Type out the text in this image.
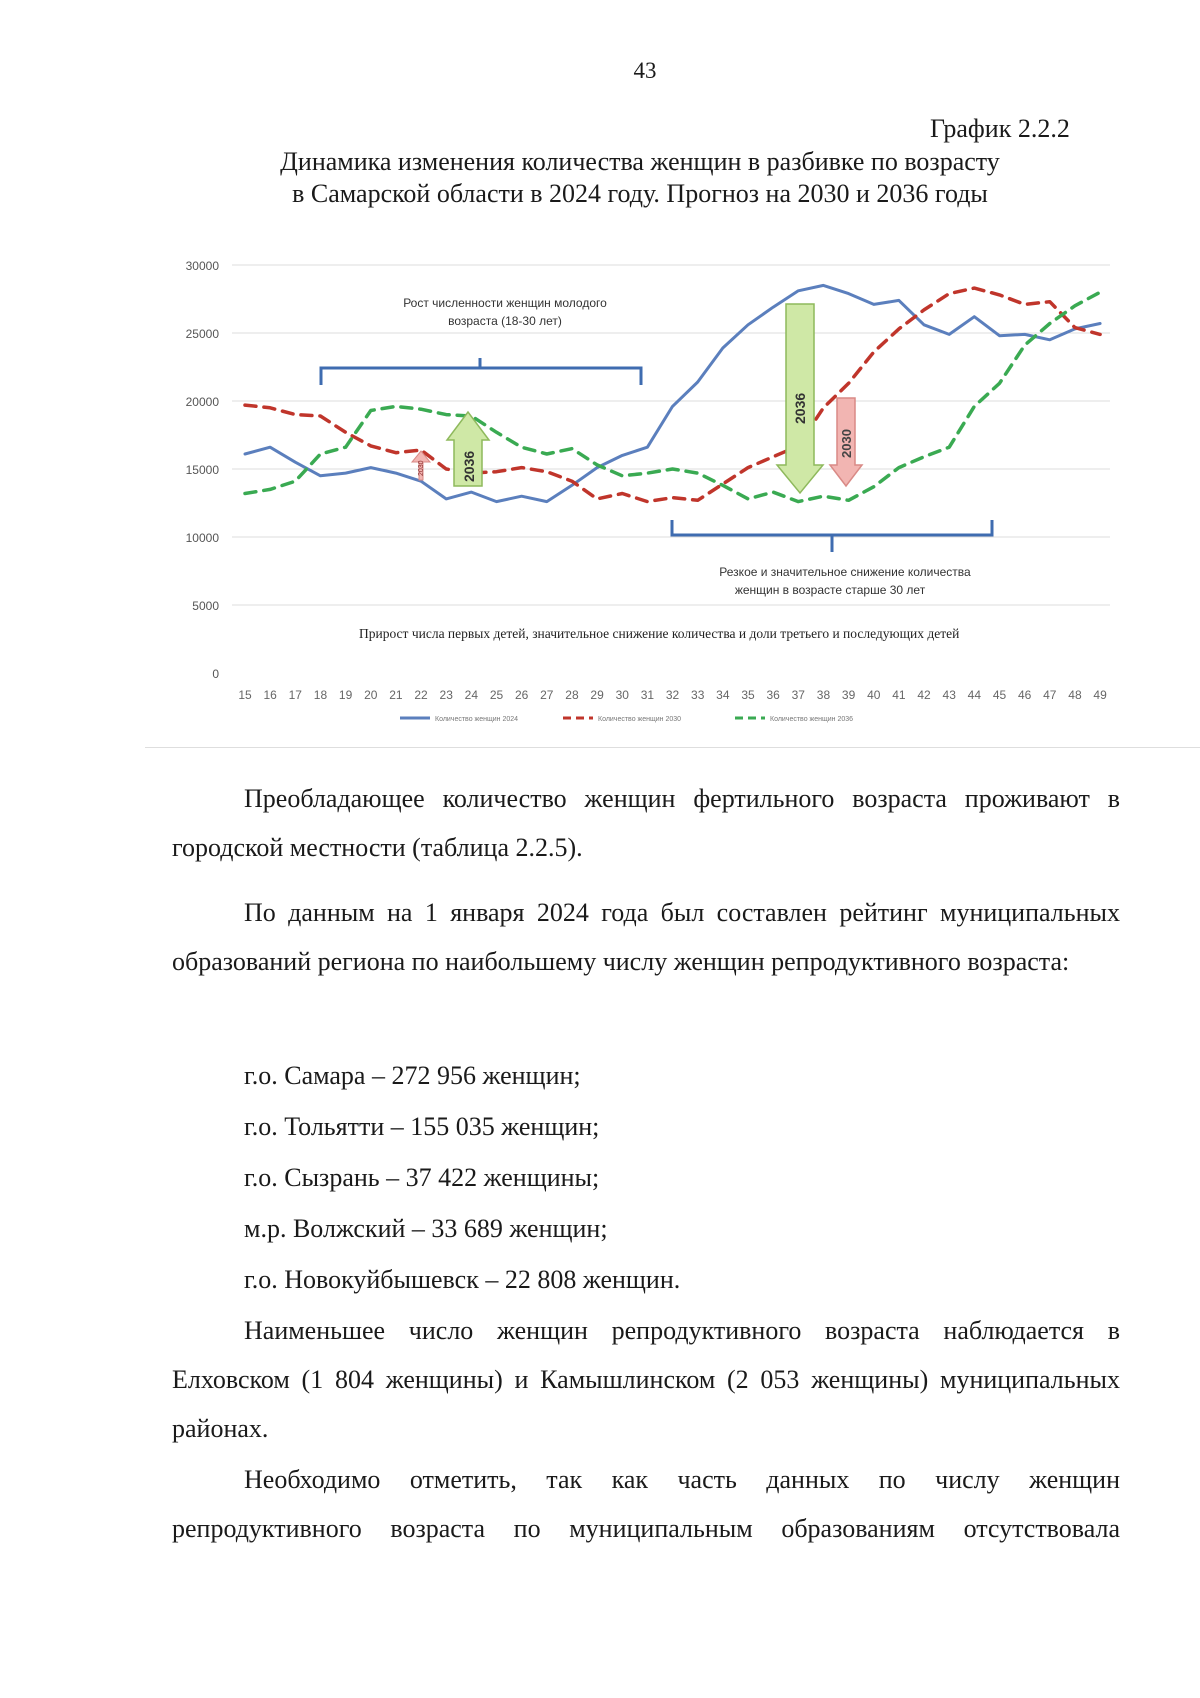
43
График 2.2.2
Динамика изменения количества женщин в разбивке по возрасту
в Самарской области в 2024 году. Прогноз на 2030 и 2036 годы
0
5000
10000
15000
20000
25000
30000
15 16 17 18 19 20 21 22 23 24 25 26 27 28 29 30 31 32 33 34 35 36 37 38 39 40 41 42 43 44 45 46 47 48 49
Рост численности женщин молодого
возраста (18-30 лет)
Резкое и значительное снижение количества
женщин в возрасте старше 30 лет
Прирост числа первых детей, значительное снижение количества и доли третьего и последующих детей
2030	2036
2036
2030
Количество женщин 2024	Количество женщин 2030	Количество женщин 2036
Преобладающее количество женщин фертильного возраста проживают в городской местности (таблица 2.2.5).
По данным на 1 января 2024 года был составлен рейтинг муниципальных образований региона по наибольшему числу женщин репродуктивного возраста:
г.о. Самара – 272 956 женщин;
г.о. Тольятти – 155 035 женщин;
г.о. Сызрань – 37 422 женщины;
м.р. Волжский – 33 689 женщин;
г.о. Новокуйбышевск – 22 808 женщин.
Наименьшее число женщин репродуктивного возраста наблюдается в Елховском (1 804 женщины) и Камышлинском (2 053 женщины) муниципальных районах.
Необходимо отметить, так как часть данных по числу женщин репродуктивного возраста по муниципальным образованиям отсутствовала
